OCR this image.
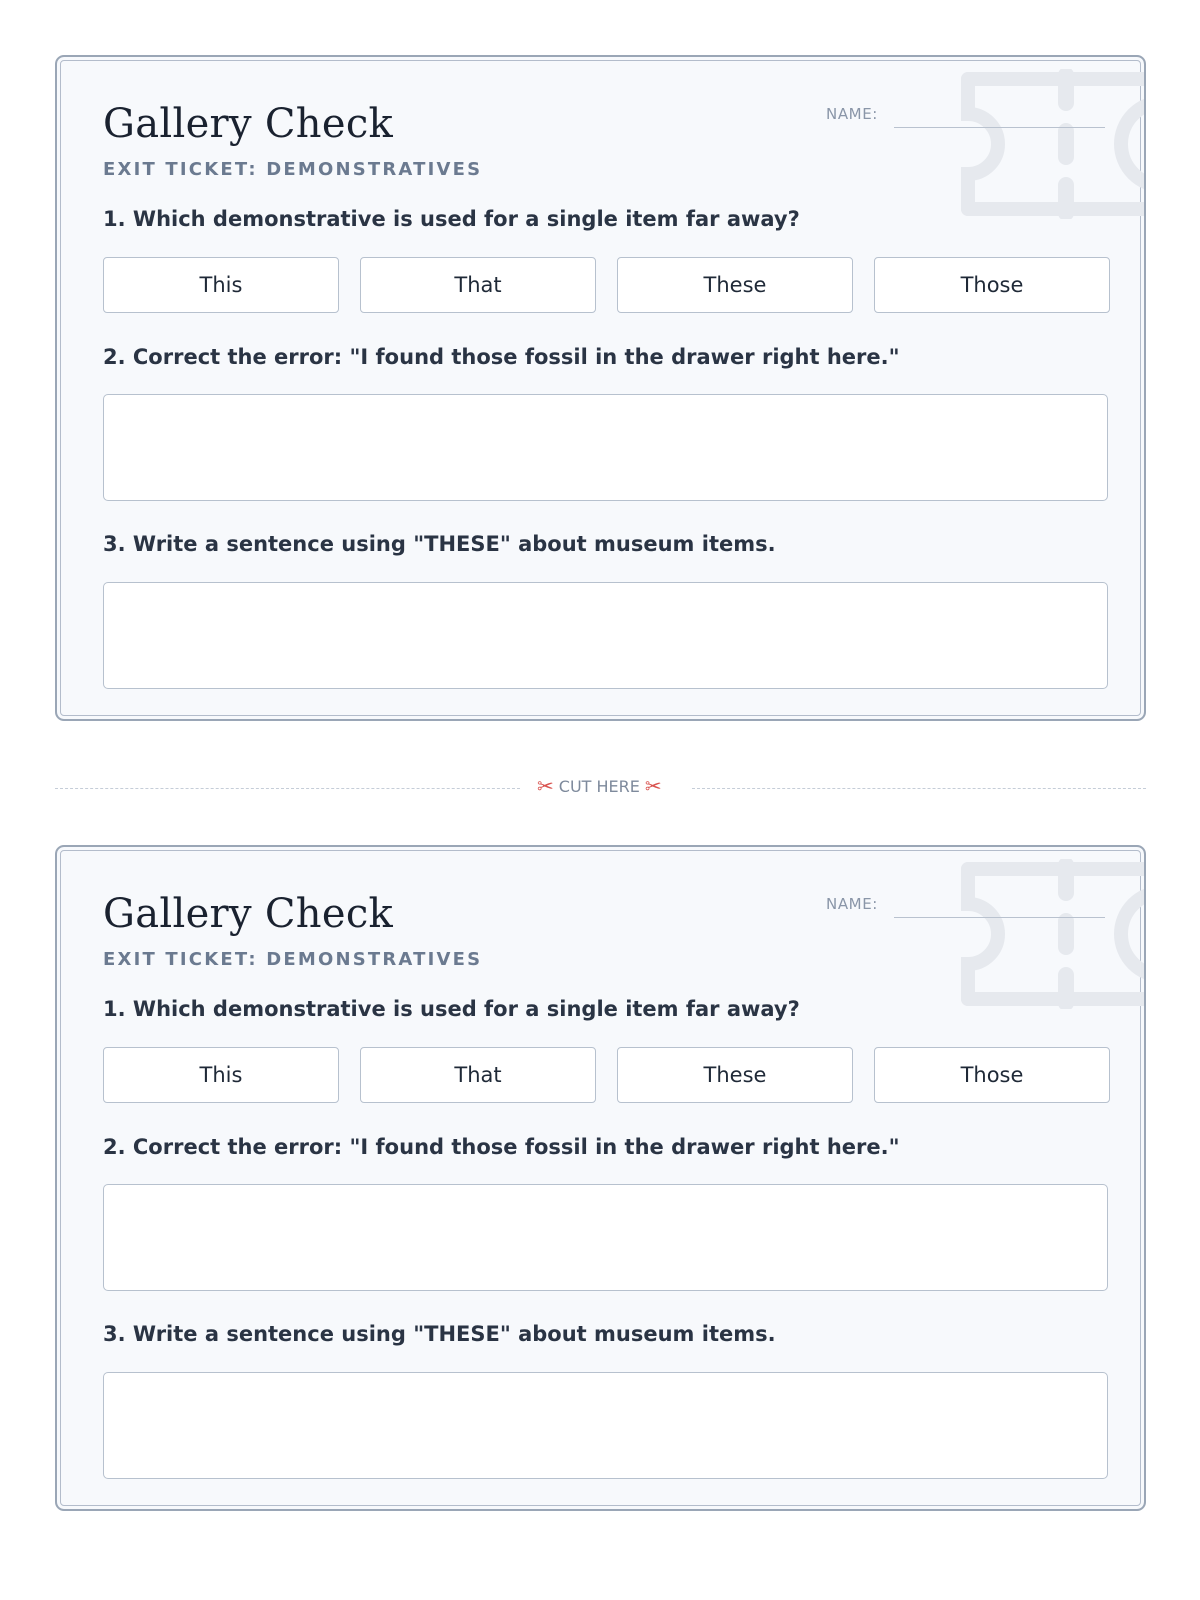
Gallery Check
EXIT TICKET: DEMONSTRATIVES
NAME:
1. Which demonstrative is used for a single item far away?
This	That	These	Those
2. Correct the error: "I found those fossil in the drawer right here."
3. Write a sentence using "THESE" about museum items.
✂ CUT HERE ✂
Gallery Check
EXIT TICKET: DEMONSTRATIVES
NAME:
1. Which demonstrative is used for a single item far away?
This	That	These	Those
2. Correct the error: "I found those fossil in the drawer right here."
3. Write a sentence using "THESE" about museum items.
